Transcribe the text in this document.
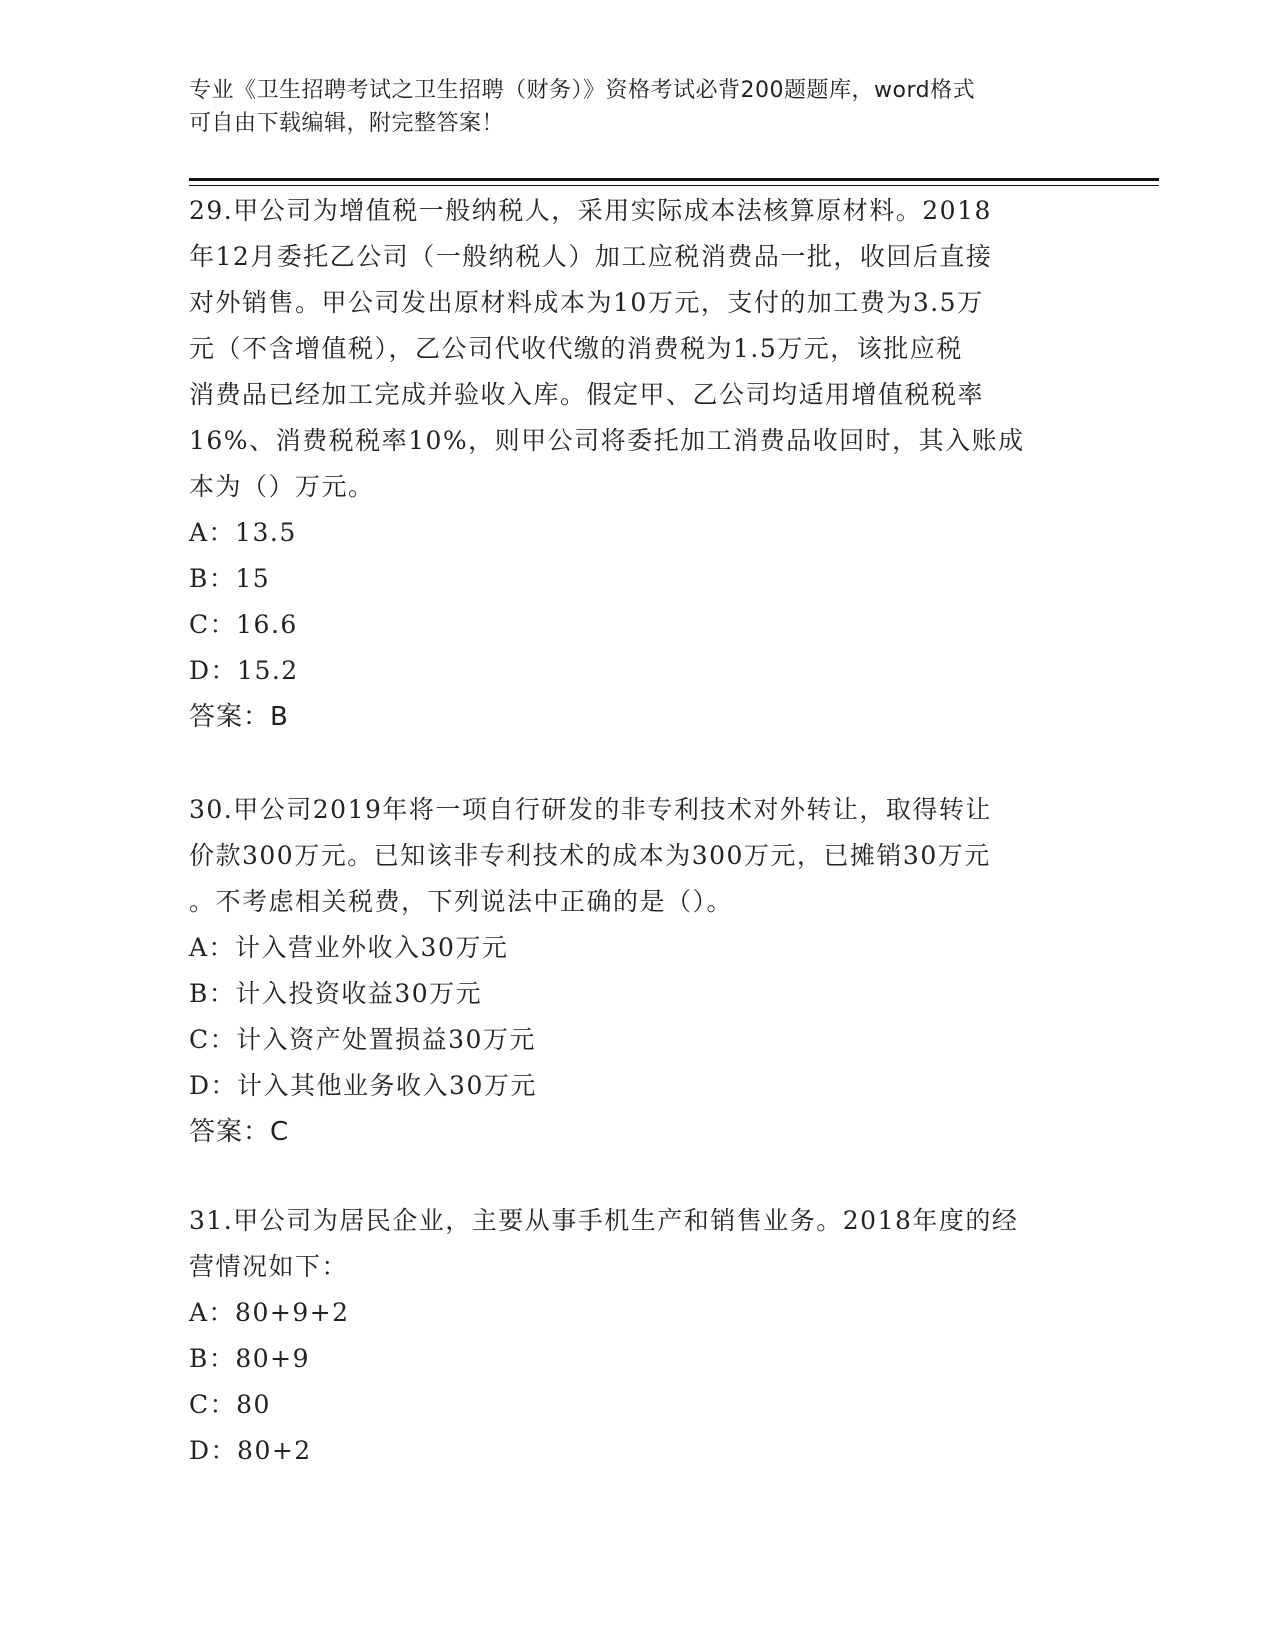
专业《卫生招聘考试之卫生招聘（财务）》资格考试必背200题题库，word格式
可自由下载编辑，附完整答案！
29.甲公司为增值税一般纳税人，采用实际成本法核算原材料。2018
年12月委托乙公司（一般纳税人）加工应税消费品一批，收回后直接
对外销售。甲公司发出原材料成本为10万元，支付的加工费为3.5万
元（不含增值税），乙公司代收代缴的消费税为1.5万元，该批应税
消费品已经加工完成并验收入库。假定甲、乙公司均适用增值税税率
16%、消费税税率10%，则甲公司将委托加工消费品收回时，其入账成
本为（）万元。
A：13.5
B：15
C：16.6
D：15.2
答案：B
30.甲公司2019年将一项自行研发的非专利技术对外转让，取得转让
价款300万元。已知该非专利技术的成本为300万元，已摊销30万元
。不考虑相关税费，下列说法中正确的是（）。
A：计入营业外收入30万元
B：计入投资收益30万元
C：计入资产处置损益30万元
D：计入其他业务收入30万元
答案：C
31.甲公司为居民企业，主要从事手机生产和销售业务。2018年度的经
营情况如下：
A：80+9+2
B：80+9
C：80
D：80+2
